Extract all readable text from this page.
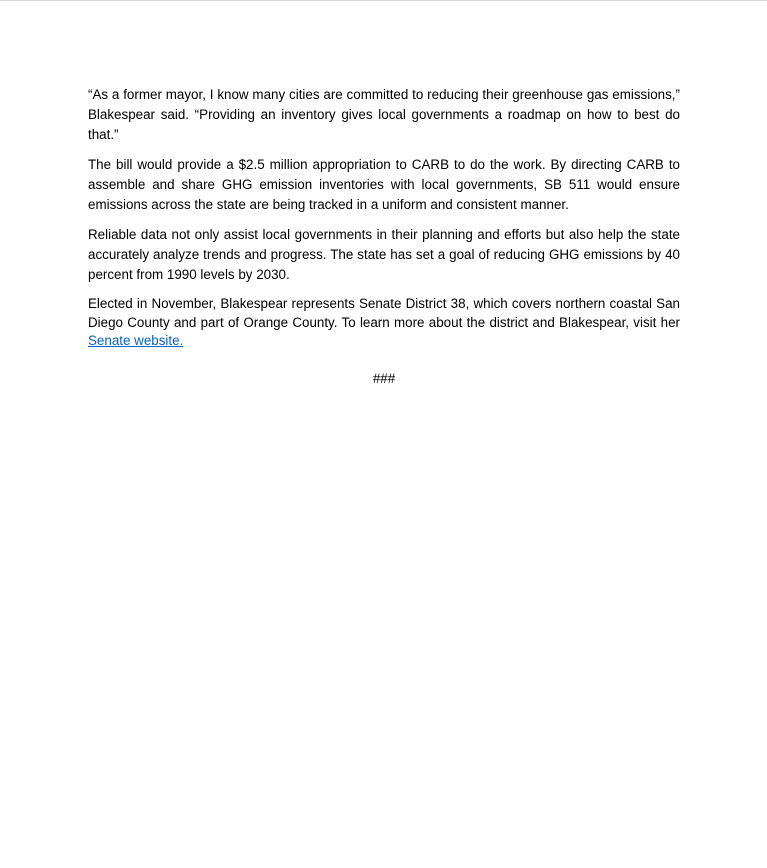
“As a former mayor, I know many cities are committed to reducing their greenhouse gas emissions,” Blakespear said. “Providing an inventory gives local governments a roadmap on how to best do that.”

The bill would provide a $2.5 million appropriation to CARB to do the work. By directing CARB to assemble and share GHG emission inventories with local governments, SB 511 would ensure emissions across the state are being tracked in a uniform and consistent manner.

Reliable data not only assist local governments in their planning and efforts but also help the state accurately analyze trends and progress. The state has set a goal of reducing GHG emissions by 40 percent from 1990 levels by 2030.

Elected in November, Blakespear represents Senate District 38, which covers northern coastal San Diego County and part of Orange County. To learn more about the district and Blakespear, visit her Senate website.

###
